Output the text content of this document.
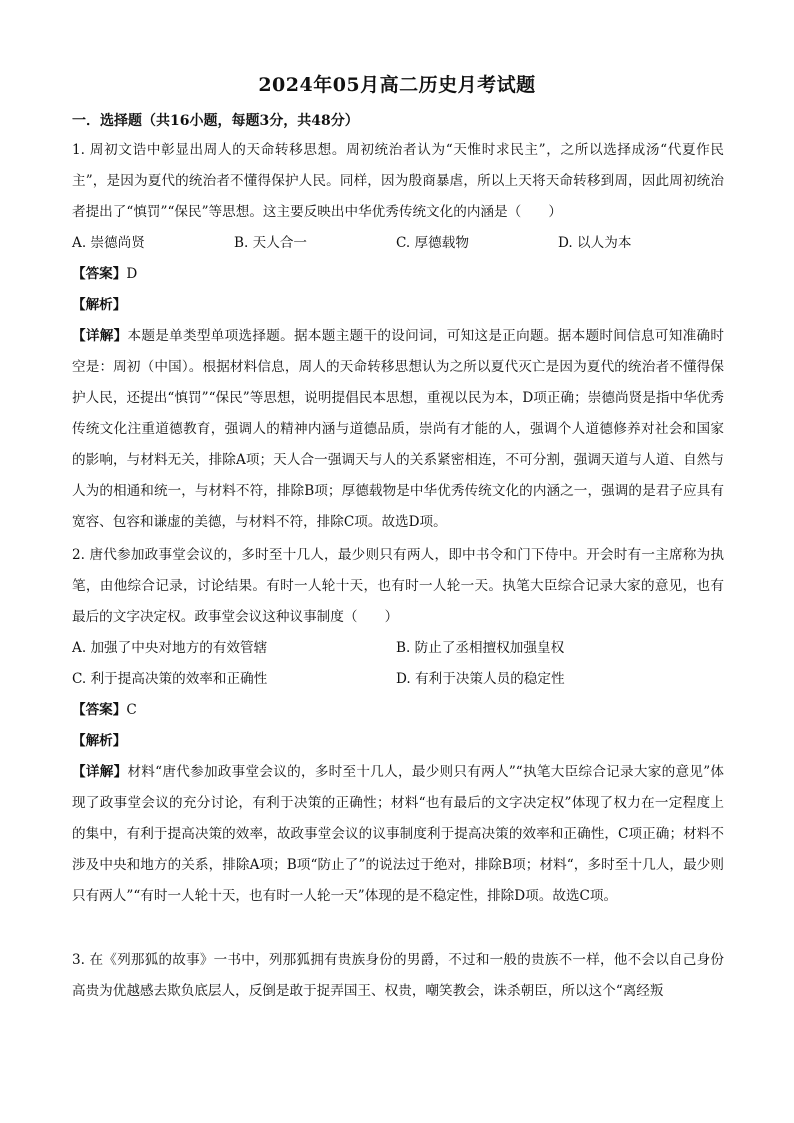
2024年05月高二历史月考试题
一．选择题（共16小题，每题3分，共48分）

1. 周初文诰中彰显出周人的天命转移思想。周初统治者认为“天惟时求民主”，之所以选择成汤“代夏作民主”，是因为夏代的统治者不懂得保护人民。同样，因为殷商暴虐，所以上天将天命转移到周，因此周初统治者提出了“慎罚”“保民”等思想。这主要反映出中华优秀传统文化的内涵是（　　）

A. 崇德尚贤	B. 天人合一	C. 厚德载物	D. 以人为本

【答案】D

【解析】

【详解】本题是单类型单项选择题。据本题主题干的设问词，可知这是正向题。据本题时间信息可知准确时空是：周初（中国）。根据材料信息，周人的天命转移思想认为之所以夏代灭亡是因为夏代的统治者不懂得保护人民，还提出“慎罚”“保民”等思想，说明提倡民本思想，重视以民为本，D项正确；崇德尚贤是指中华优秀传统文化注重道德教育，强调人的精神内涵与道德品质，崇尚有才能的人，强调个人道德修养对社会和国家的影响，与材料无关，排除A项；天人合一强调天与人的关系紧密相连，不可分割，强调天道与人道、自然与人为的相通和统一，与材料不符，排除B项；厚德载物是中华优秀传统文化的内涵之一，强调的是君子应具有宽容、包容和谦虚的美德，与材料不符，排除C项。故选D项。

2. 唐代参加政事堂会议的，多时至十几人，最少则只有两人，即中书令和门下侍中。开会时有一主席称为执笔，由他综合记录，讨论结果。有时一人轮十天，也有时一人轮一天。执笔大臣综合记录大家的意见，也有最后的文字决定权。政事堂会议这种议事制度（　　）

A. 加强了中央对地方的有效管辖	B. 防止了丞相擅权加强皇权
C. 利于提高决策的效率和正确性	D. 有利于决策人员的稳定性

【答案】C

【解析】

【详解】材料“唐代参加政事堂会议的，多时至十几人，最少则只有两人”“执笔大臣综合记录大家的意见”体现了政事堂会议的充分讨论，有利于决策的正确性；材料“也有最后的文字决定权”体现了权力在一定程度上的集中，有利于提高决策的效率，故政事堂会议的议事制度利于提高决策的效率和正确性，C项正确；材料不涉及中央和地方的关系，排除A项；B项“防止了”的说法过于绝对，排除B项；材料“，多时至十几人，最少则只有两人”“有时一人轮十天，也有时一人轮一天”体现的是不稳定性，排除D项。故选C项。

3. 在《列那狐的故事》一书中，列那狐拥有贵族身份的男爵，不过和一般的贵族不一样，他不会以自己身份高贵为优越感去欺负底层人，反倒是敢于捉弄国王、权贵，嘲笑教会，诛杀朝臣，所以这个“离经叛
